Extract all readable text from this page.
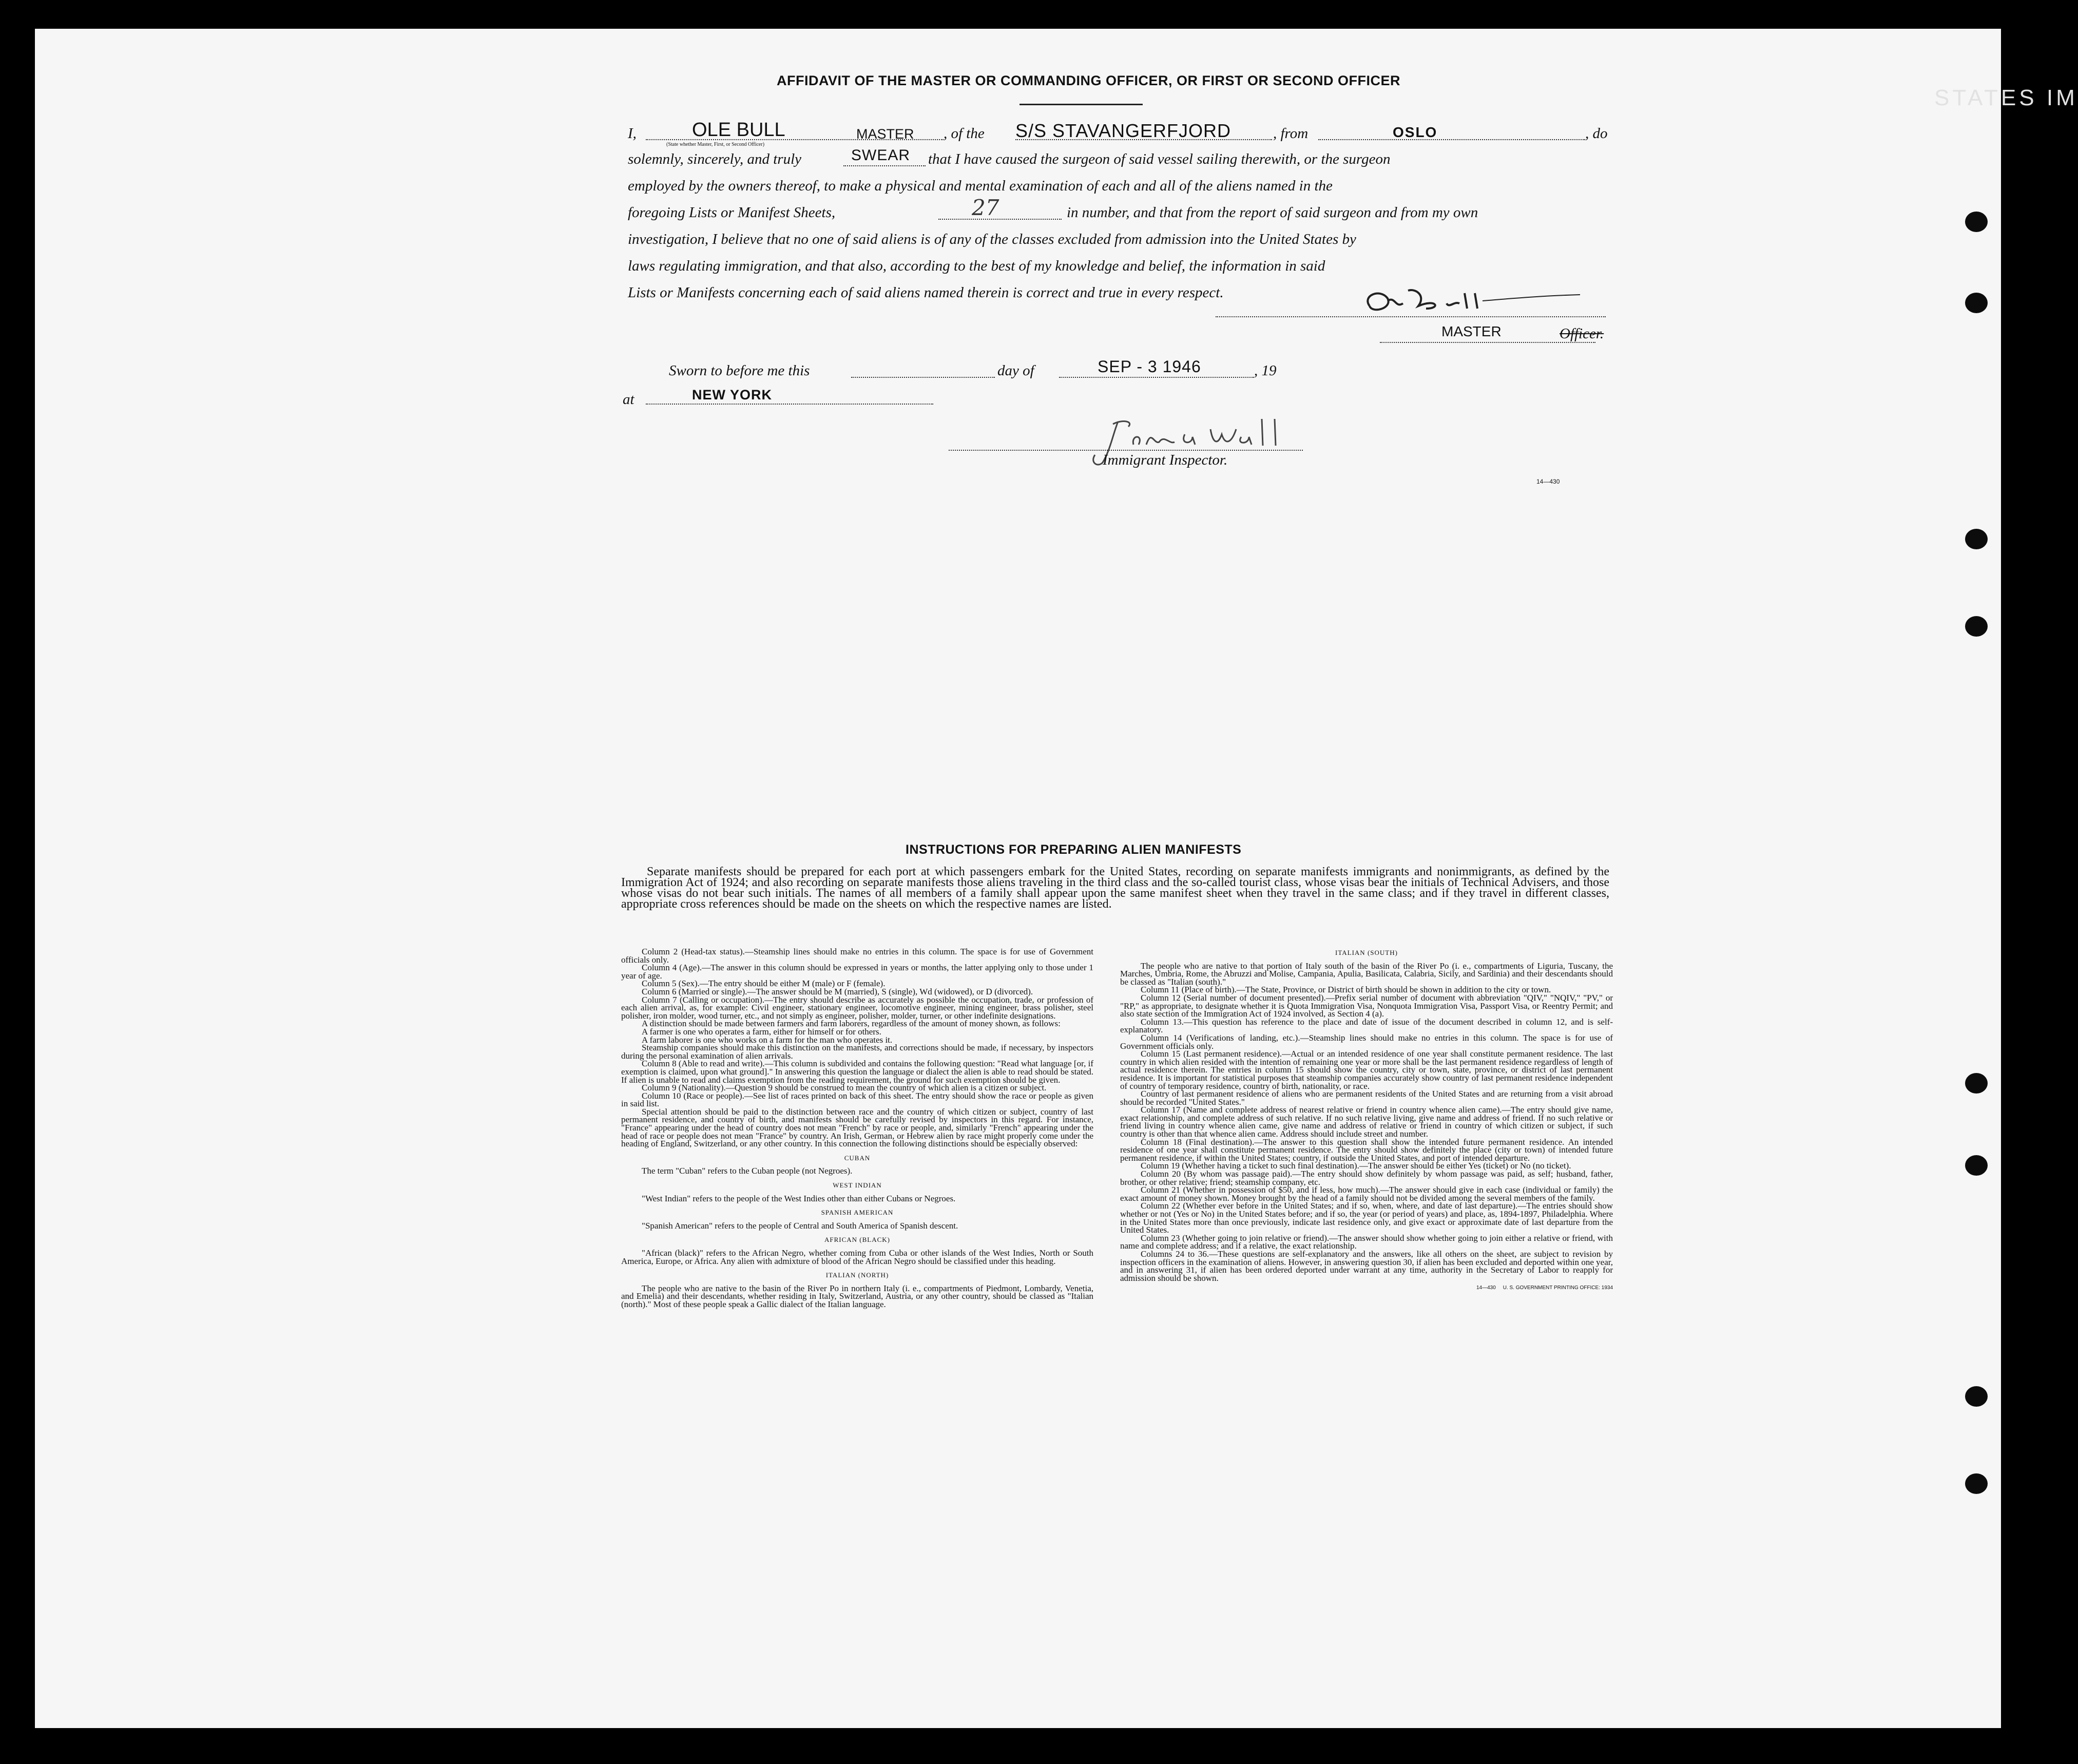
STATES IM
AFFIDAVIT OF THE MASTER OR COMMANDING OFFICER, OR FIRST OR SECOND OFFICER
I,	OLE BULL	MASTER
(State whether Master, First, or Second Officer)
, of the S/S STAVANGERFJORD	, from	OSLO	, do
solemnly, sincerely, and truly	SWEAR that I have caused the surgeon of said vessel sailing therewith, or the surgeon
employed by the owners thereof, to make a physical and mental examination of each and all of the aliens named in the
foregoing Lists or Manifest Sheets,	27	in number, and that from the report of said surgeon and from my own
investigation, I believe that no one of said aliens is of any of the classes excluded from admission into the United States by
laws regulating immigration, and that also, according to the best of my knowledge and belief, the information in said
Lists or Manifests concerning each of said aliens named therein is correct and true in every respect.
MASTER	Officer.
Sworn to before me this	day of	SEP - 3 1946	, 19
at	NEW YORK
Immigrant Inspector.
14—430
INSTRUCTIONS FOR PREPARING ALIEN MANIFESTS
Separate manifests should be prepared for each port at which passengers embark for the United States, recording on separate manifests immigrants and nonimmigrants, as defined by the Immigration Act of 1924; and also recording on separate manifests those aliens traveling in the third class and the so-called tourist class, whose visas bear the initials of Technical Advisers, and those whose visas do not bear such initials. The names of all members of a family shall appear upon the same manifest sheet when they travel in the same class; and if they travel in different classes, appropriate cross references should be made on the sheets on which the respective names are listed.

Column 2 (Head-tax status).—Steamship lines should make no entries in this column. The space is for use of Government officials only.

Column 4 (Age).—The answer in this column should be expressed in years or months, the latter applying only to those under 1 year of age.

Column 5 (Sex).—The entry should be either M (male) or F (female).

Column 6 (Married or single).—The answer should be M (married), S (single), Wd (widowed), or D (divorced).

Column 7 (Calling or occupation).—The entry should describe as accurately as possible the occupation, trade, or profession of each alien arrival, as, for example: Civil engineer, stationary engineer, locomotive engineer, mining engineer, brass polisher, steel polisher, iron molder, wood turner, etc., and not simply as engineer, polisher, molder, turner, or other indefinite designations.

A distinction should be made between farmers and farm laborers, regardless of the amount of money shown, as follows:

A farmer is one who operates a farm, either for himself or for others.

A farm laborer is one who works on a farm for the man who operates it.

Steamship companies should make this distinction on the manifests, and corrections should be made, if necessary, by inspectors during the personal examination of alien arrivals.

Column 8 (Able to read and write).—This column is subdivided and contains the following question: "Read what language [or, if exemption is claimed, upon what ground]." In answering this question the language or dialect the alien is able to read should be stated. If alien is unable to read and claims exemption from the reading requirement, the ground for such exemption should be given.

Column 9 (Nationality).—Question 9 should be construed to mean the country of which alien is a citizen or subject.

Column 10 (Race or people).—See list of races printed on back of this sheet. The entry should show the race or people as given in said list.

Special attention should be paid to the distinction between race and the country of which citizen or subject, country of last permanent residence, and country of birth, and manifests should be carefully revised by inspectors in this regard. For instance, "France" appearing under the head of country does not mean "French" by race or people, and, similarly "French" appearing under the head of race or people does not mean "France" by country. An Irish, German, or Hebrew alien by race might properly come under the heading of England, Switzerland, or any other country. In this connection the following distinctions should be especially observed:

CUBAN

The term "Cuban" refers to the Cuban people (not Negroes).

WEST INDIAN

"West Indian" refers to the people of the West Indies other than either Cubans or Negroes.

SPANISH AMERICAN

"Spanish American" refers to the people of Central and South America of Spanish descent.

AFRICAN (BLACK)

"African (black)" refers to the African Negro, whether coming from Cuba or other islands of the West Indies, North or South America, Europe, or Africa. Any alien with admixture of blood of the African Negro should be classified under this heading.

ITALIAN (NORTH)

The people who are native to the basin of the River Po in northern Italy (i. e., compartments of Piedmont, Lombardy, Venetia, and Emelia) and their descendants, whether residing in Italy, Switzerland, Austria, or any other country, should be classed as "Italian (north)." Most of these people speak a Gallic dialect of the Italian language.

ITALIAN (SOUTH)

The people who are native to that portion of Italy south of the basin of the River Po (i. e., compartments of Liguria, Tuscany, the Marches, Umbria, Rome, the Abruzzi and Molise, Campania, Apulia, Basilicata, Calabria, Sicily, and Sardinia) and their descendants should be classed as "Italian (south)."

Column 11 (Place of birth).—The State, Province, or District of birth should be shown in addition to the city or town.

Column 12 (Serial number of document presented).—Prefix serial number of document with abbreviation "QIV," "NQIV," "PV," or "RP," as appropriate, to designate whether it is Quota Immigration Visa, Nonquota Immigration Visa, Passport Visa, or Reentry Permit; and also state section of the Immigration Act of 1924 involved, as Section 4 (a).

Column 13.—This question has reference to the place and date of issue of the document described in column 12, and is self-explanatory.

Column 14 (Verifications of landing, etc.).—Steamship lines should make no entries in this column. The space is for use of Government officials only.

Column 15 (Last permanent residence).—Actual or an intended residence of one year shall constitute permanent residence. The last country in which alien resided with the intention of remaining one year or more shall be the last permanent residence regardless of length of actual residence therein. The entries in column 15 should show the country, city or town, state, province, or district of last permanent residence. It is important for statistical purposes that steamship companies accurately show country of last permanent residence independent of country of temporary residence, country of birth, nationality, or race.

Country of last permanent residence of aliens who are permanent residents of the United States and are returning from a visit abroad should be recorded "United States."

Column 17 (Name and complete address of nearest relative or friend in country whence alien came).—The entry should give name, exact relationship, and complete address of such relative. If no such relative living, give name and address of friend. If no such relative or friend living in country whence alien came, give name and address of relative or friend in country of which citizen or subject, if such country is other than that whence alien came. Address should include street and number.

Column 18 (Final destination).—The answer to this question shall show the intended future permanent residence. An intended residence of one year shall constitute permanent residence. The entry should show definitely the place (city or town) of intended future permanent residence, if within the United States; country, if outside the United States, and port of intended departure.

Column 19 (Whether having a ticket to such final destination).—The answer should be either Yes (ticket) or No (no ticket).

Column 20 (By whom was passage paid).—The entry should show definitely by whom passage was paid, as self; husband, father, brother, or other relative; friend; steamship company, etc.

Column 21 (Whether in possession of $50, and if less, how much).—The answer should give in each case (individual or family) the exact amount of money shown. Money brought by the head of a family should not be divided among the several members of the family.

Column 22 (Whether ever before in the United States; and if so, when, where, and date of last departure).—The entries should show whether or not (Yes or No) in the United States before; and if so, the year (or period of years) and place, as, 1894-1897, Philadelphia. Where in the United States more than once previously, indicate last residence only, and give exact or approximate date of last departure from the United States.

Column 23 (Whether going to join relative or friend).—The answer should show whether going to join either a relative or friend, with name and complete address; and if a relative, the exact relationship.

Columns 24 to 36.—These questions are self-explanatory and the answers, like all others on the sheet, are subject to revision by inspection officers in the examination of aliens. However, in answering question 30, if alien has been excluded and deported within one year, and in answering 31, if alien has been ordered deported under warrant at any time, authority in the Secretary of Labor to reapply for admission should be shown.

14—430 U. S. GOVERNMENT PRINTING OFFICE: 1934
